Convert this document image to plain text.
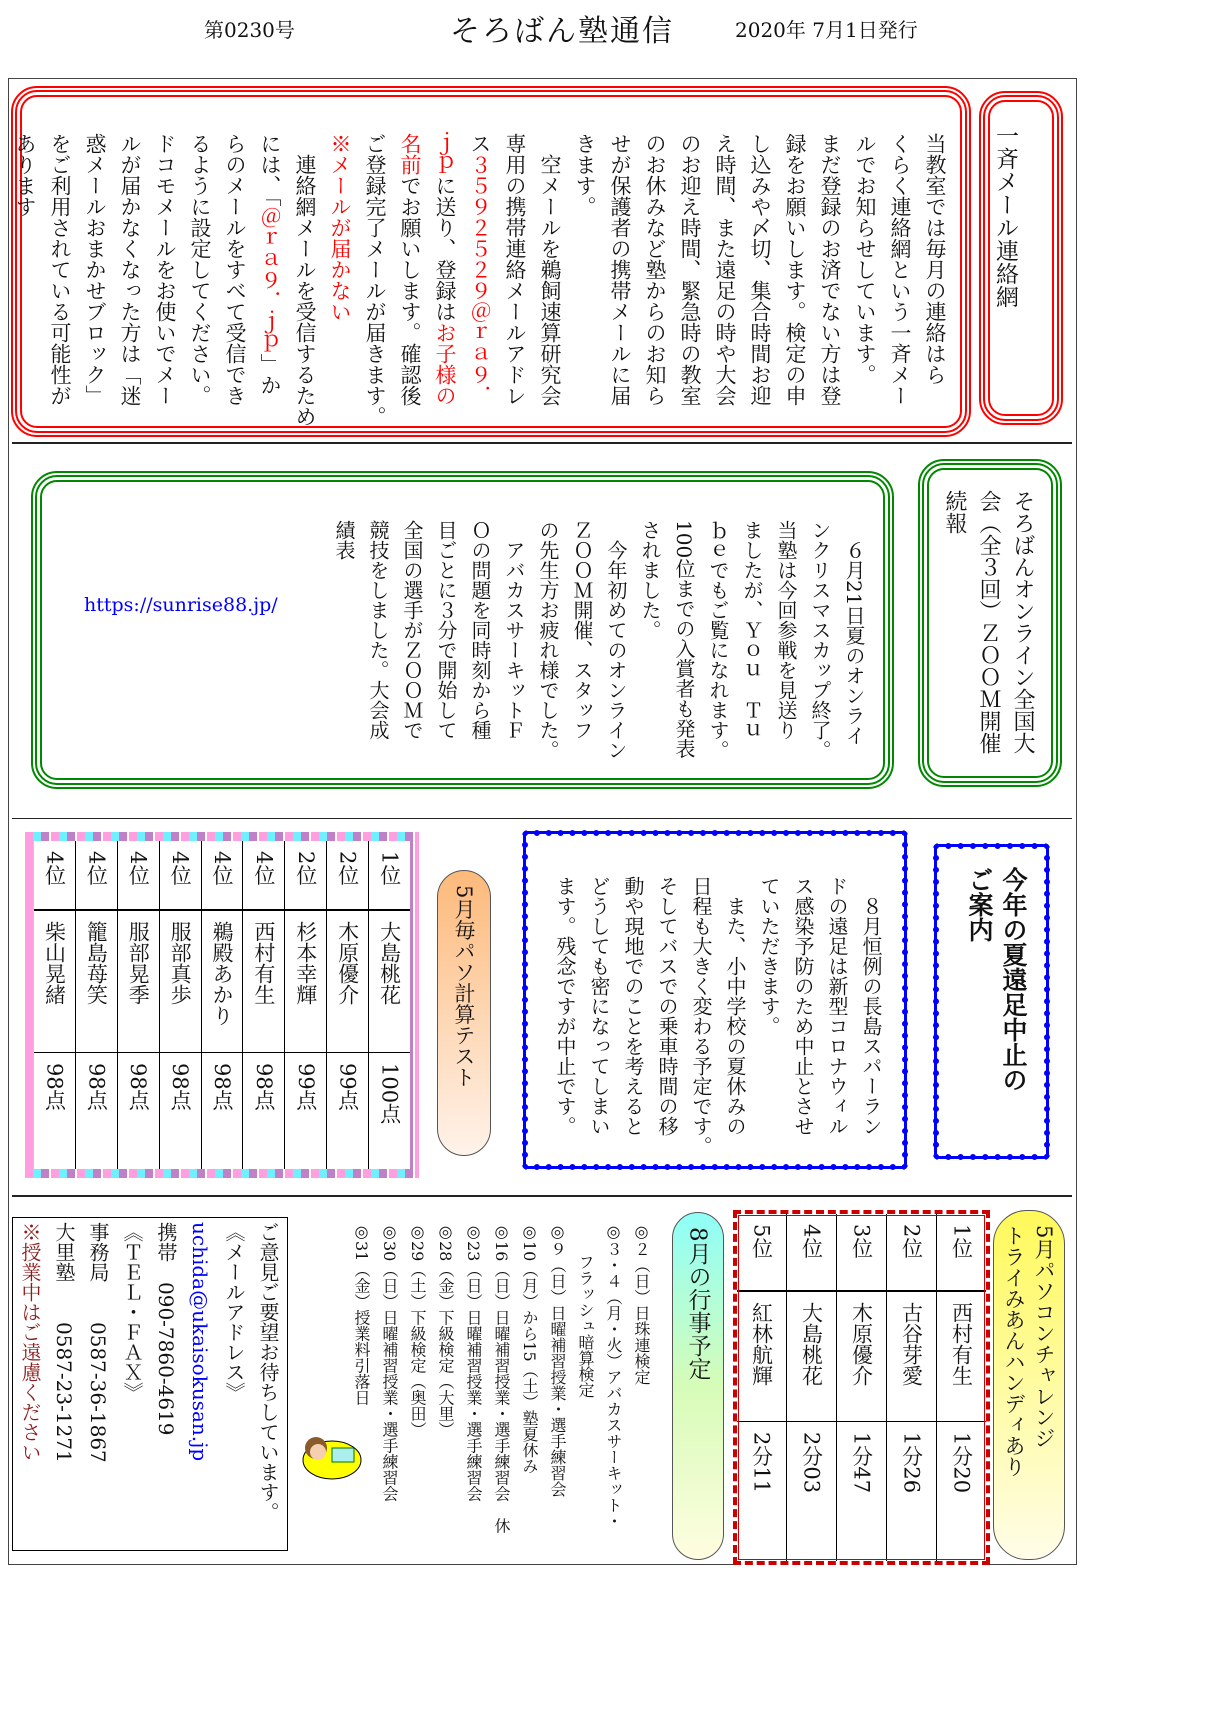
第0230号	そろばん塾通信	2020年 7月1日発行
一斉メール連絡網
当教室では毎月の連絡はら
くらく連絡網という一斉メー
ルでお知らせしています。
まだ登録のお済でない方は登
録をお願いします。検定の申
し込みや〆切、集合時間お迎
え時間、また遠足の時や大会
のお迎え時間、緊急時の教室
のお休みなど塾からのお知ら
せが保護者の携帯メールに届
きます。
　空メールを鵜飼速算研究会
専用の携帯連絡メールアドレ
ス３５９２５２９＠ｒａ９．
ｊｐに送り、登録はお子様の
名前でお願いします。確認後
ご登録完了メールが届きます。
※メールが届かない
　連絡網メールを受信するため
には、「＠ｒａ９．ｊｐ」か
らのメールをすべて受信でき
るように設定してください。
ドコモメールをお使いでメー
ルが届かなくなった方は「迷
惑メールおまかせブロック」
をご利用されている可能性が
あります
そろばんオンライン全国大
会（全３回）ＺＯＯＭ開催
続報
　６月21日夏のオンライ
ンクリスマスカップ終了。
当塾は今回参戦を見送り
ましたが、Ｙｏｕ　Ｔｕ
ｂｅでもご覧になれます。
100位までの入賞者も発表
されました。
　今年初めてのオンライン
ＺＯＯＭ開催、スタッフ
の先生方お疲れ様でした。
　アバカスサーキットＦ
Ｏの問題を同時刻から種
目ごとに３分で開始して
全国の選手がＺＯＯＭで
競技をしました。大会成
績表
https://sunrise88.jp/
今年の夏遠足中止の
ご案内
　８月恒例の長島スパーラン
ドの遠足は新型コロナウィル
ス感染予防のため中止とさせ
ていただきます。
　また、小中学校の夏休みの
日程も大きく変わる予定です。
そしてバスでの乗車時間の移
動や現地でのことを考えると
どうしても密になってしまい
ます。残念ですが中止です。
5月毎パソ計算テスト
1位
大島桃花
100点
2位
木原優介
99点
2位
杉本幸輝
99点
4位
西村有生
98点
4位
鵜殿あかり
98点
4位
服部真歩
98点
4位
服部晃季
98点
4位
籠島苺笑
98点
4位
柴山晃緒
98点
5月パソコンチャレンジ
トライみあんハンディあり
1位
西村有生
1分20
2位
古谷芽愛
1分26
3位
木原優介
1分47
4位
大島桃花
2分03
5位
紅林航輝
2分11
8月の行事予定
◎２（日）日珠連検定
◎３・４（月・火）アバカスサーキット・
　　フラッシュ暗算検定
◎９（日）日曜補習授業・選手練習会
◎10（月）から15（土）塾夏休み
◎16（日）日曜補習授業・選手練習会　休
◎23（日）日曜補習授業・選手練習会
◎28（金）下級検定（大里）
◎29（土）下級検定（奥田）
◎30（日）日曜補習授業・選手練習会
◎31（金）授業料引落日
ご意見ご要望お待ちしています。
《メールアドレス》
uchida@ukaisokusan.jp
携帯　090-7860-4619
《ＴＥＬ・ＦＡＸ》
事務局　　0587-36-1867
大里塾　　0587-23-1271
※授業中はご遠慮ください
